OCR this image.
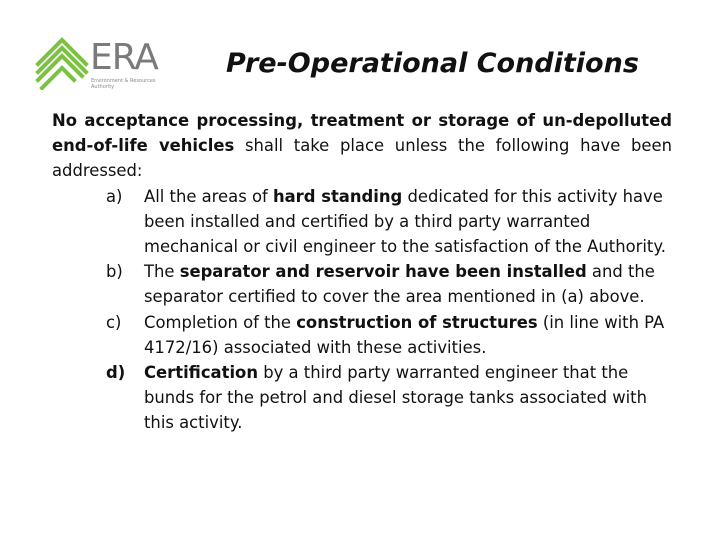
ERA
Environment & Resources
Authority
Pre-Operational Conditions

No acceptance processing, treatment or storage of un-depolluted end-of-life vehicles shall take place unless the following have been addressed:

a) All the areas of hard standing dedicated for this activity have been installed and certified by a third party warranted mechanical or civil engineer to the satisfaction of the Authority.
b) The separator and reservoir have been installed and the separator certified to cover the area mentioned in (a) above.
c) Completion of the construction of structures (in line with PA 4172/16) associated with these activities.
d) Certification by a third party warranted engineer that the bunds for the petrol and diesel storage tanks associated with this activity.
